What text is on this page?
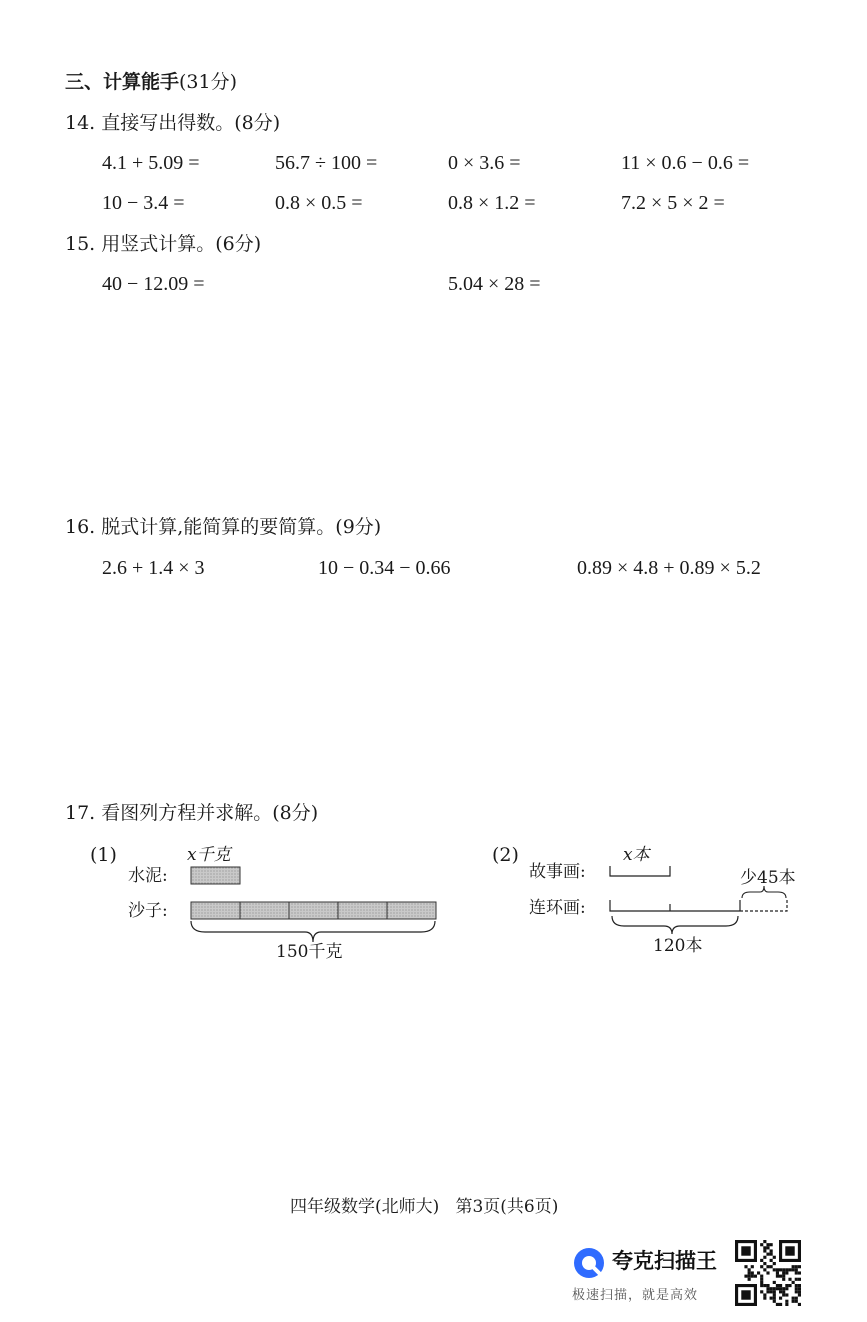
三、计算能手(31分)
14. 直接写出得数。(8分)
4.1 + 5.09 =	56.7 ÷ 100 =	0 × 3.6 =	11 × 0.6 − 0.6 =
10 − 3.4 =	0.8 × 0.5 =	0.8 × 1.2 =	7.2 × 5 × 2 =
15. 用竖式计算。(6分)
40 − 12.09 =	5.04 × 28 =
16. 脱式计算,能简算的要简算。(9分)
2.6 + 1.4 × 3	10 − 0.34 − 0.66	0.89 × 4.8 + 0.89 × 5.2
17. 看图列方程并求解。(8分)
(1)	x千克
水泥:
沙子:
150千克
(2)	x本
故事画:
连环画:
少45本
120本
四年级数学(北师大)   第3页(共6页)
夸克扫描王
极速扫描，就是高效
